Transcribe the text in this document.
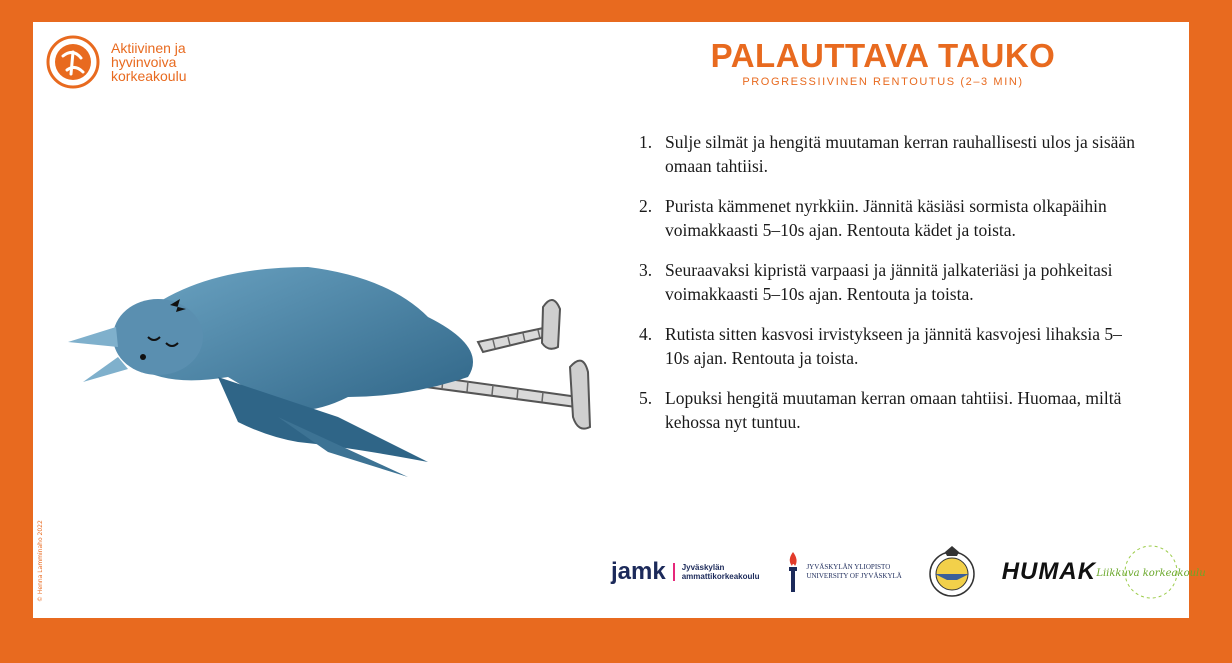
Aktiivinen ja
hyvinvoiva
korkeakoulu
PALAUTTAVA TAUKO
PROGRESSIIVINEN RENTOUTUS (2–3 MIN)
1. Sulje silmät ja hengitä muutaman kerran rauhallisesti ulos ja sisään omaan tahtiisi.
2. Purista kämmenet nyrkkiin. Jännitä käsiäsi sormista olkapäihin voimakkaasti 5–10s ajan. Rentouta kädet ja toista.
3. Seuraavaksi kipristä varpaasi ja jännitä jalkateriäsi ja pohkeitasi voimakkaasti 5–10s ajan. Rentouta ja toista.
4. Rutista sitten kasvosi irvistykseen ja jännitä kasvojesi lihaksia 5–10s ajan. Rentouta ja toista.
5. Lopuksi hengitä muutaman kerran omaan tahtiisi. Huomaa, miltä kehossa nyt tuntuu.
© Henna Lamminaho 2022	jamk Jyväskylän
ammattikorkeakoulu
JYVÄSKYLÄN YLIOPISTO
UNIVERSITY OF JYVÄSKYLÄ	HUMAK Liikkuva korkeakoulu
